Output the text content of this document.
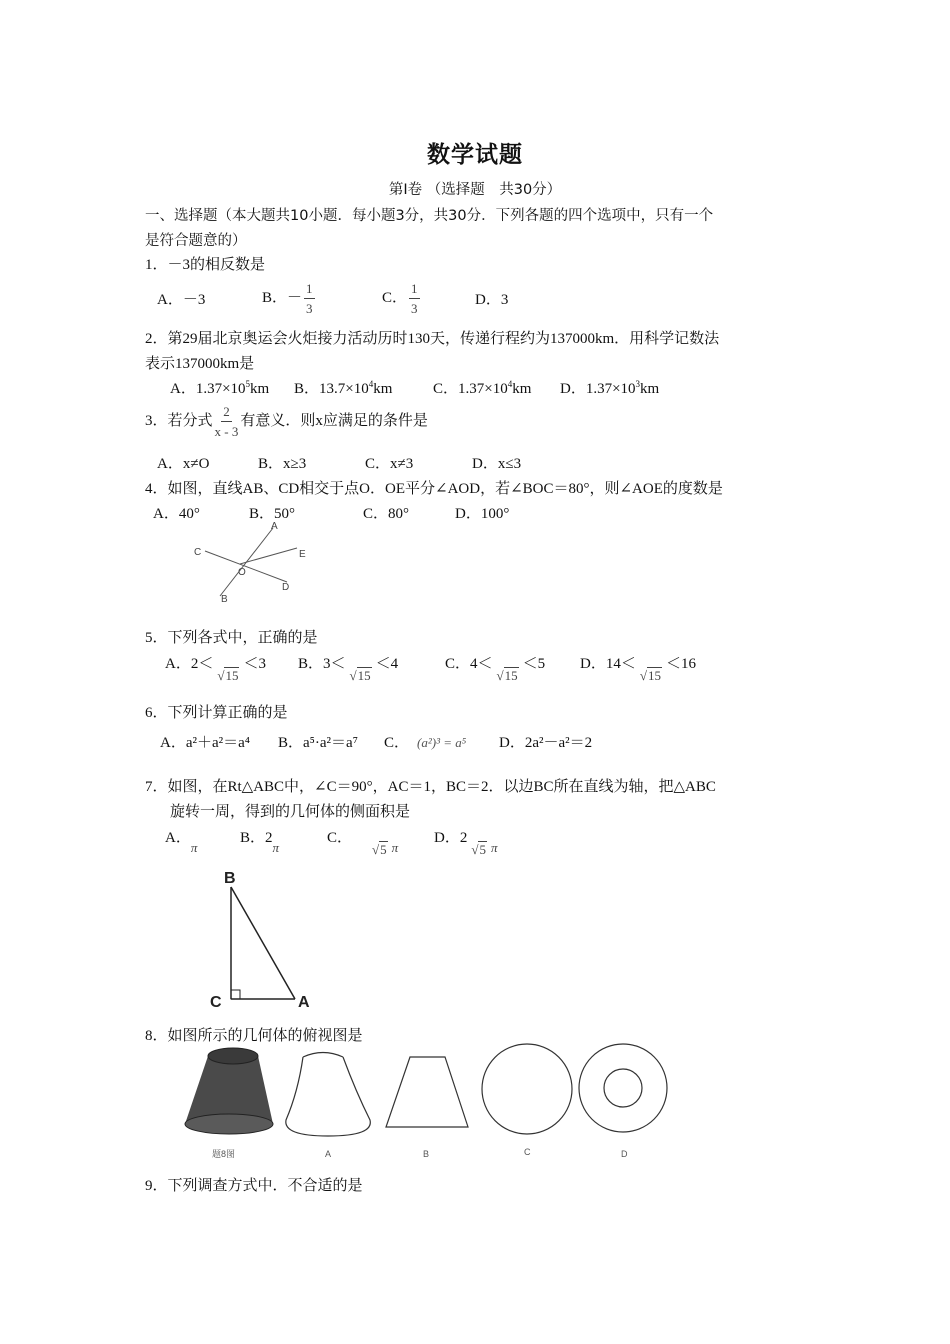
数学试题
第Ⅰ卷 （选择题　共30分）
一、选择题（本大题共10小题．每小题3分，共30分．下列各题的四个选项中，只有一个
是符合题意的）
1．－3的相反数是
A．－3	B．－ $\frac{1}{3}$	C． $\frac{1}{3}$	D．3
2．第29届北京奥运会火炬接力活动历时130天，传递行程约为137000km．用科学记数法
表示137000km是
A．$1.37\times 10^5km$ B．$13.7\times 10^4km$	C．$1.37\times 10^4km$ D．$1.37\times 10^3km$
3．若分式 $\frac{2}{x - 3}$ 有意义．则x应满足的条件是
A．x≠O	B．x≥3	C．x≠3	D．x≤3
4．如图，直线AB、CD相交于点O．OE平分∠AOD，若∠BOC＝80°，则∠AOE的度数是
A．40°	B．50°	C．80°	D．100°
A
B
C
D
E
O
5．下列各式中，正确的是
A．2＜√ 15
＜3 B．3＜√ 15
＜4	C．4＜√ 15
＜5 D．14＜√ 15
＜16
6．下列计算正确的是
A．a²＋a²＝a⁴ B．a⁵·a²＝a⁷ C． (a²)³ = a⁵ D．2a²－a²＝2
7．如图，在Rt△ABC中，∠C＝90°，AC＝1，BC＝2．以边BC所在直线为轴，把△ABC
旋转一周，得到的几何体的侧面积是
A．π
B．2π
C．√ 5 π
D．2√ 5 π
B
C	A
8．如图所示的几何体的俯视图是
题8图	A	B	C	D
9．下列调查方式中．不合适的是
